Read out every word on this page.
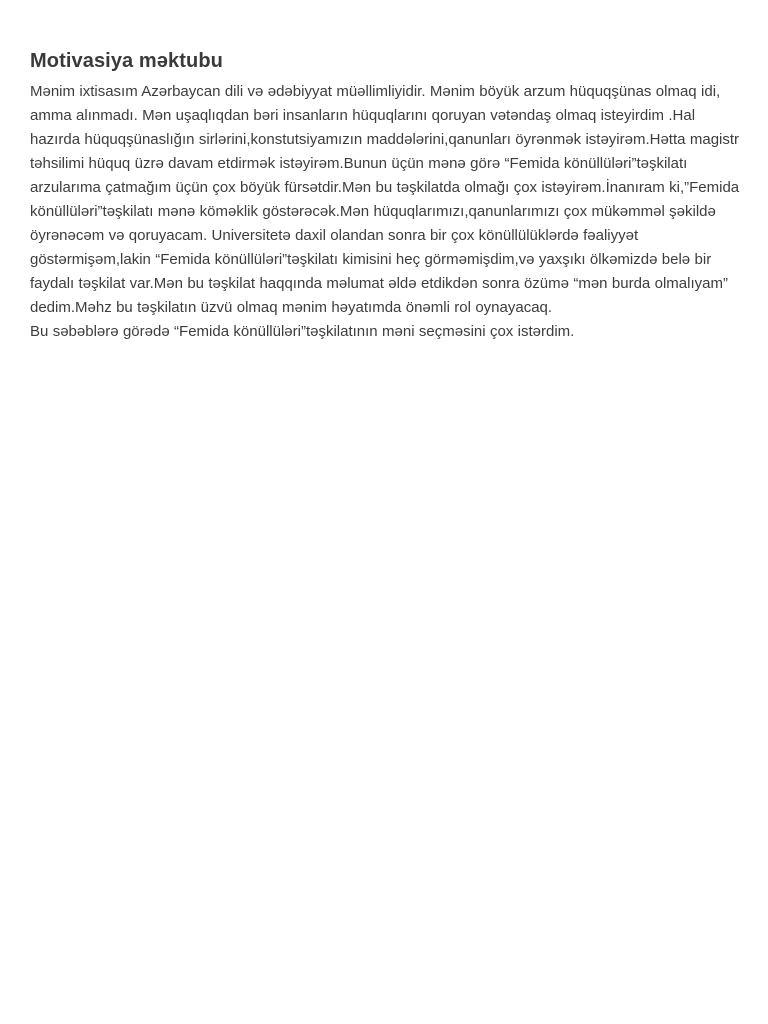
Motivasiya məktubu

Mənim ixtisasım Azərbaycan dili və ədəbiyyat müəllimliyidir. Mənim böyük arzum hüquqşünas olmaq idi, amma alınmadı. Mən uşaqlıqdan bəri insanların hüquqlarını qoruyan vətəndaş olmaq isteyirdim .Hal hazırda hüquqşünaslığın sirlərini,konstutsiyamızın maddələrini,qanunları öyrənmək istəyirəm.Hətta magistr təhsilimi hüquq üzrə davam etdirmək istəyirəm.Bunun üçün mənə görə “Femida könüllüləri”təşkilatı arzularıma çatmağım üçün çox böyük fürsətdir.Mən bu təşkilatda olmağı çox istəyirəm.İnanıram ki,”Femida könüllüləri”təşkilatı mənə köməklik göstərəcək.Mən hüquqlarımızı,qanunlarımızı çox mükəmməl şəkildə öyrənəcəm və qoruyacam. Universitetə daxil olandan sonra bir çox könüllülüklərdə fəaliyyət göstərmişəm,lakin “Femida könüllüləri”təşkilatı kimisini heç görməmişdim,və yaxşıkı ölkəmizdə belə bir faydalı təşkilat var.Mən bu təşkilat haqqında məlumat əldə etdikdən sonra özümə “mən burda olmalıyam” dedim.Məhz bu təşkilatın üzvü olmaq mənim həyatımda önəmli rol oynayacaq.

Bu səbəblərə görədə “Femida könüllüləri”təşkilatının məni seçməsini çox istərdim.
